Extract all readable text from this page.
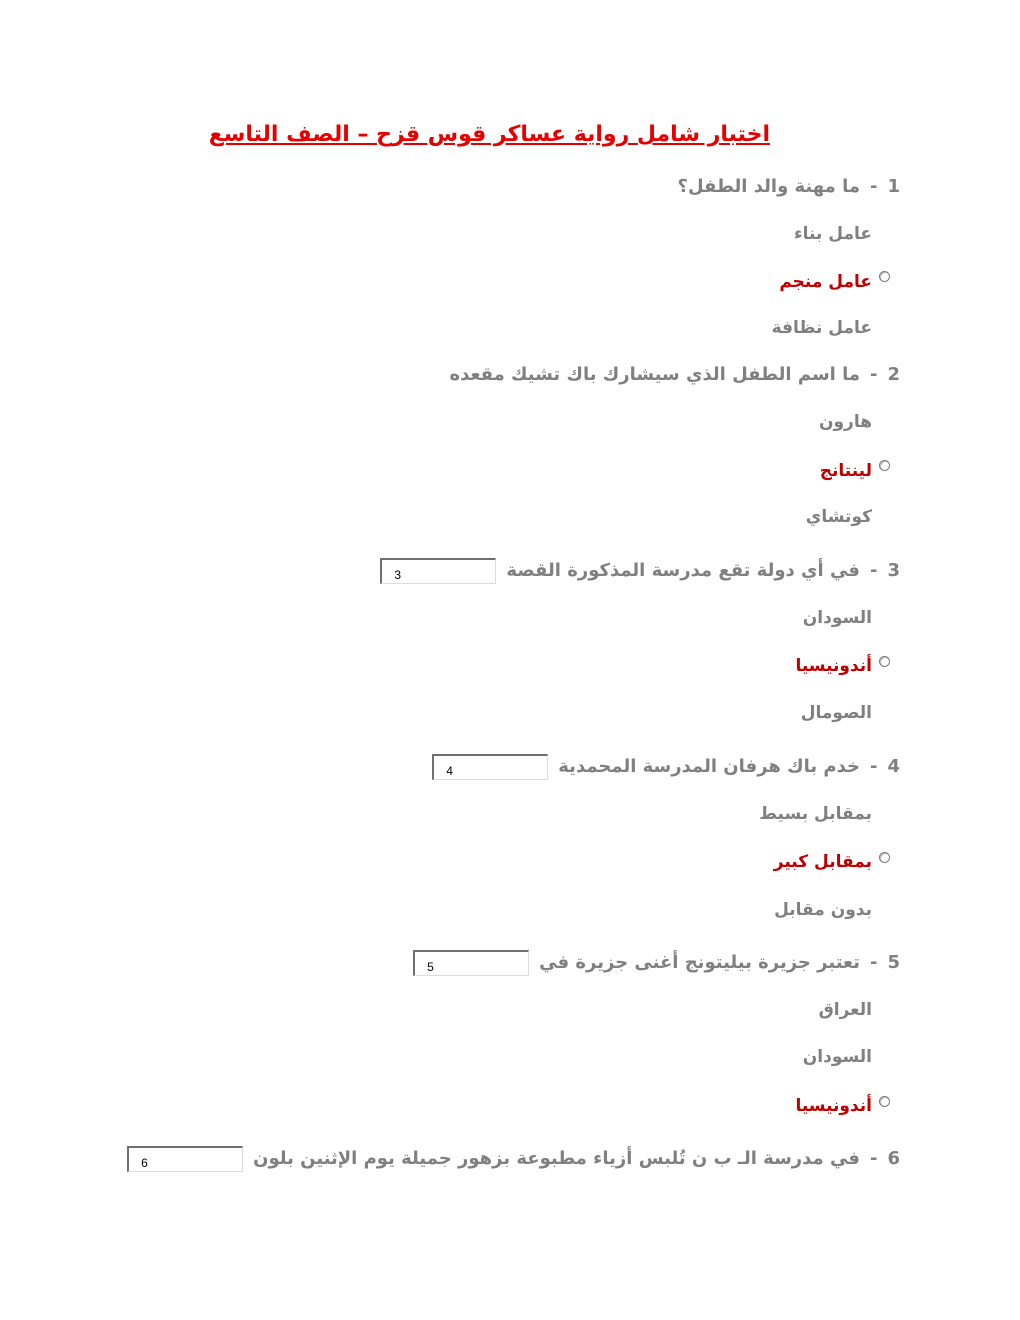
اختبار شامل رواية عساكر قوس قزح – الصف التاسع
1
-
ما مهنة والد الطفل؟
عامل بناء
عامل منجم
عامل نظافة
2
-
ما اسم الطفل الذي سيشارك باك تشيك مقعده
هارون
لينتانج
كوتشاي
3
-
في أي دولة تقع مدرسة المذكورة القصة
3
السودان
أندونيسيا
الصومال
4
-
خدم باك هرفان المدرسة المحمدية
4
بمقابل بسيط
بمقابل كبير
بدون مقابل
5
-
تعتبر جزيرة بيليتونج أغنى جزيرة في
5
العراق
السودان
أندونيسيا
6
-
في مدرسة الـ ب ن تُلبس أزياء مطبوعة بزهور جميلة يوم الإثنين بلون
6
